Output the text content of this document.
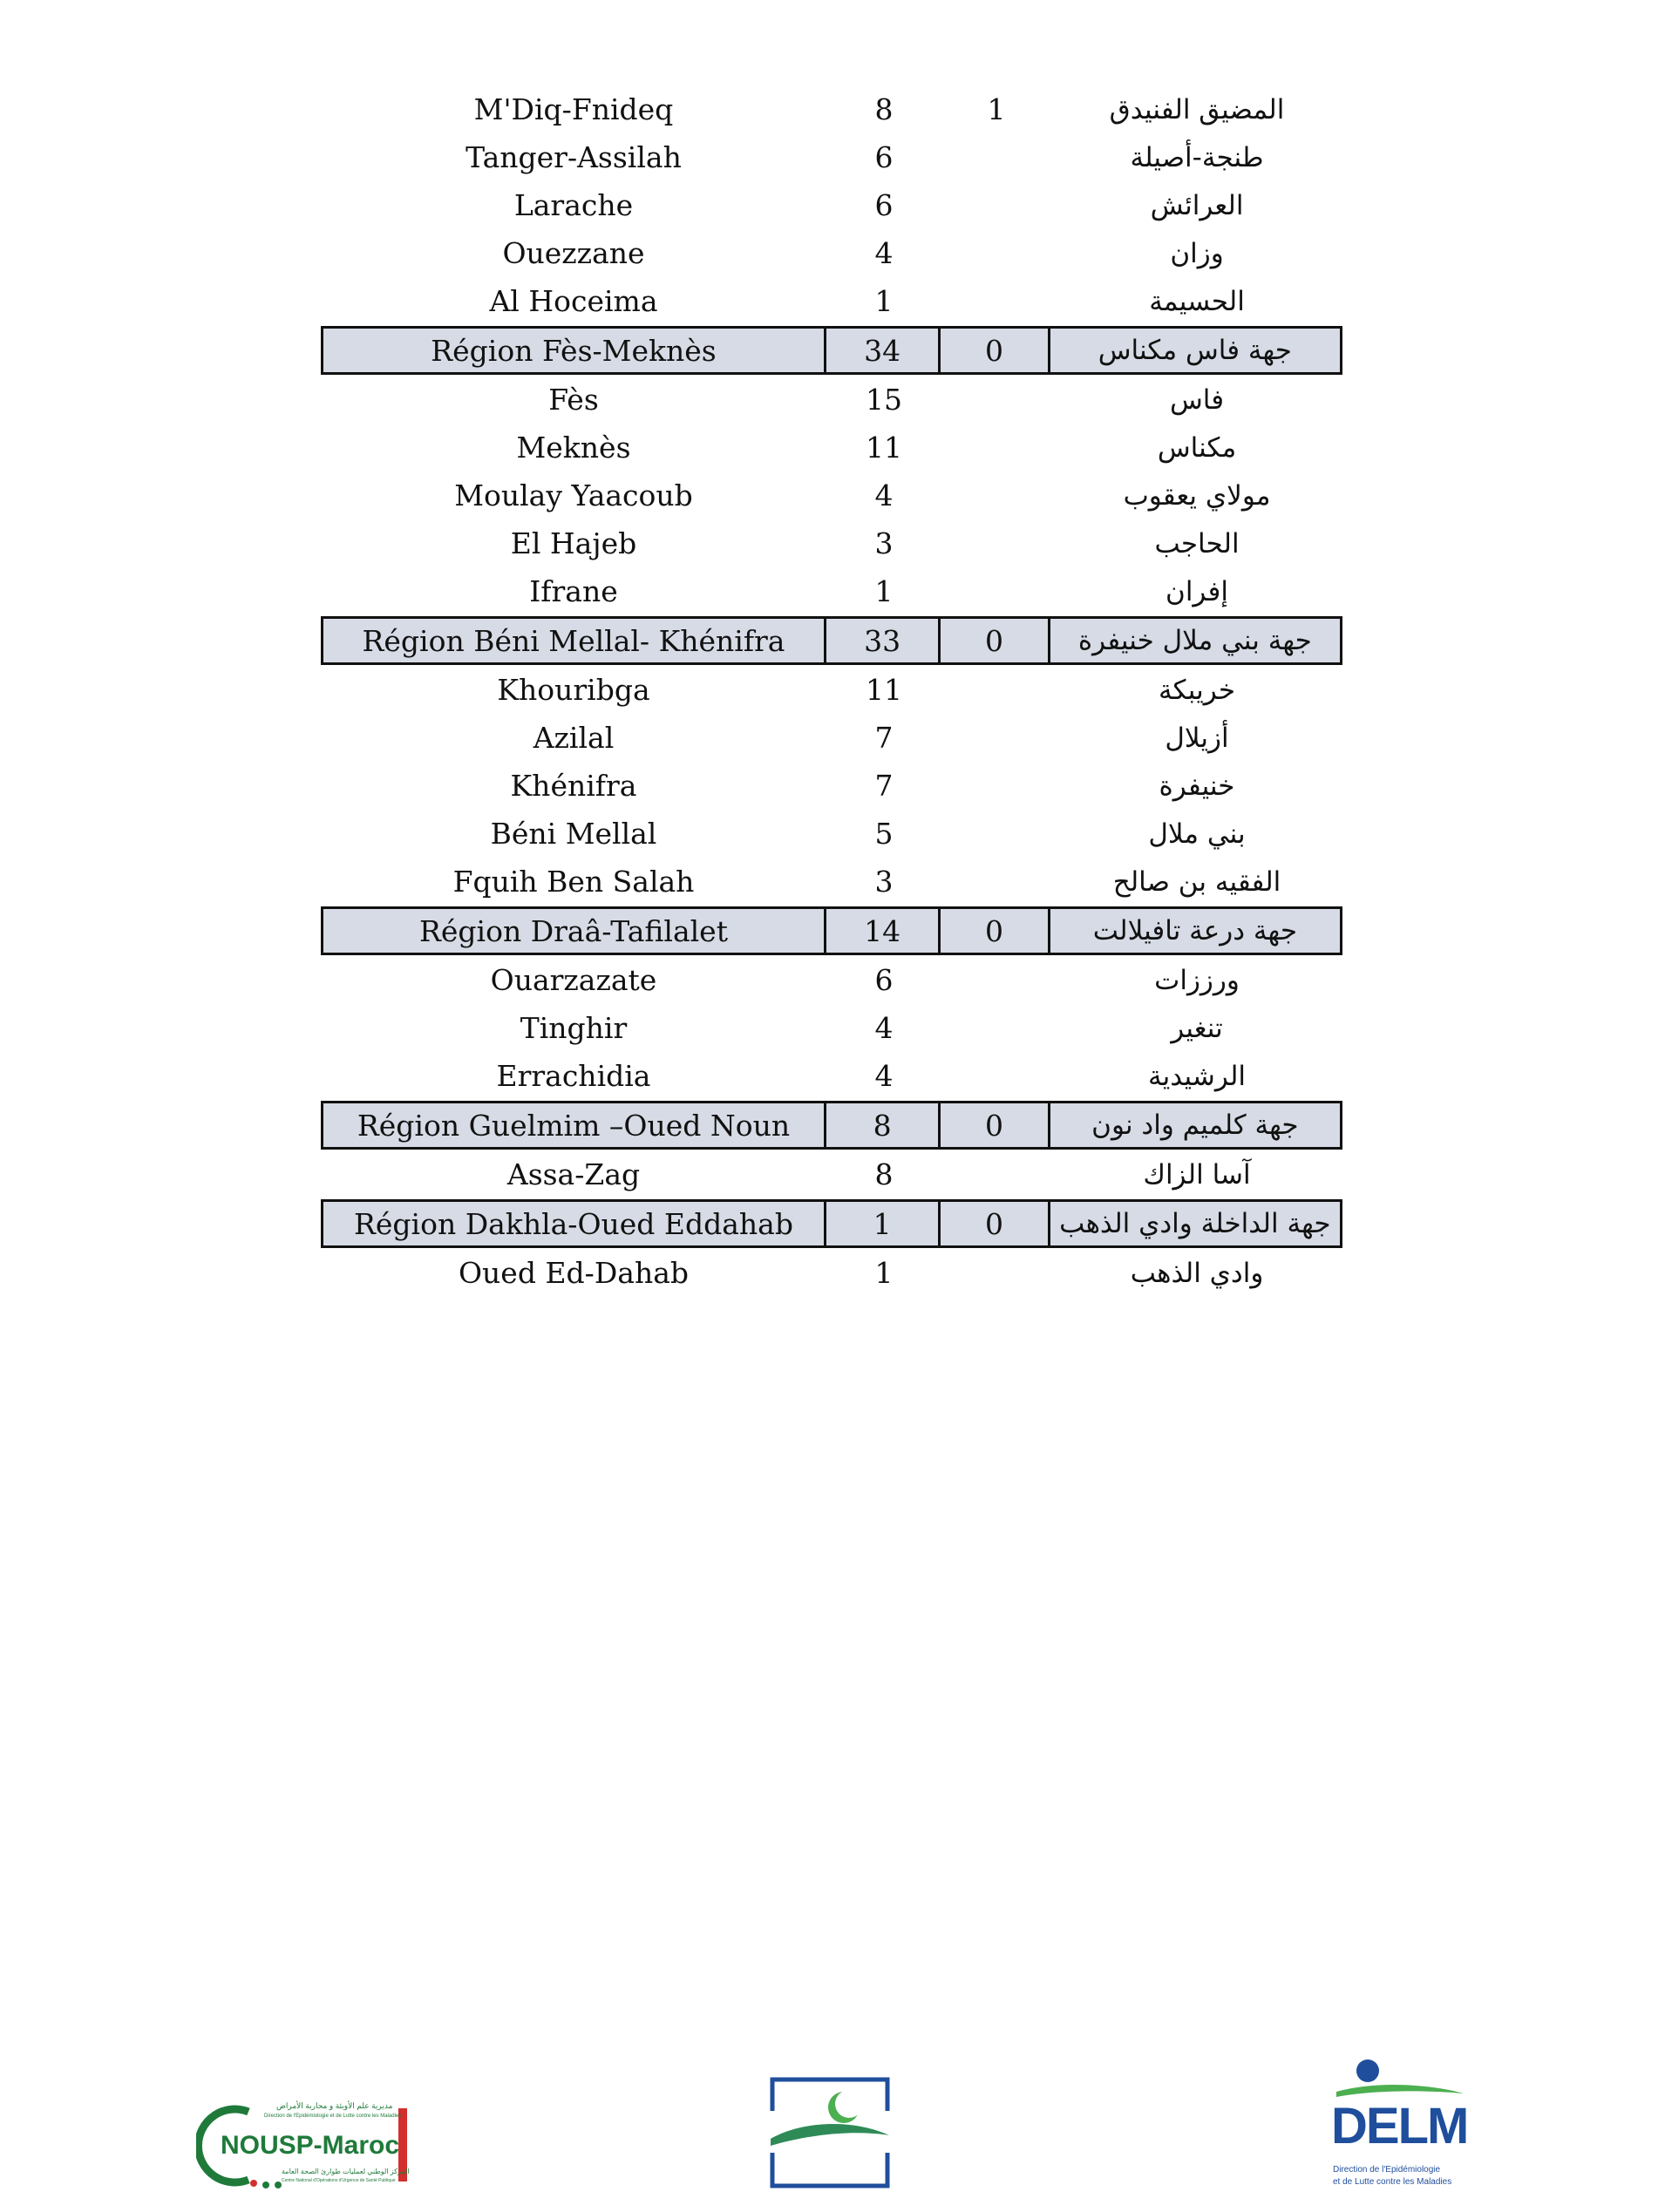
M'Diq-Fnideq	8	1	المضيق الفنيدق
Tanger-Assilah	6	طنجة-أصيلة
Larache	6	العرائش
Ouezzane	4	وزان
Al Hoceima	1	الحسيمة
Région Fès-Meknès	34	0	جهة فاس مكناس
Fès	15	فاس
Meknès	11	مكناس
Moulay Yaacoub	4	مولاي يعقوب
El Hajeb	3	الحاجب
Ifrane	1	إفران
Région Béni Mellal- Khénifra	33	0	جهة بني ملال خنيفرة
Khouribga	11	خريبكة
Azilal	7	أزيلال
Khénifra	7	خنيفرة
Béni Mellal	5	بني ملال
Fquih Ben Salah	3	الفقيه بن صالح
Région Draâ-Tafilalet	14	0	جهة درعة تافيلالت
Ouarzazate	6	ورززات
Tinghir	4	تنغير
Errachidia	4	الرشيدية
Région Guelmim –Oued Noun	8	0	جهة كلميم واد نون
Assa-Zag	8	آسا الزاك
Région Dakhla-Oued Eddahab	1	0	جهة الداخلة وادي الذهب
Oued Ed-Dahab	1	وادي الذهب
مديرية علم الأوبئة و محاربة الأمراض
Direction de l'Epidémiologie et de Lutte contre les Maladies
NOUSP-Maroc
المركز الوطني لعمليات طوارئ الصحة العامة
Centre National d'Opérations d'Urgence de Santé Publique
DELM
Direction de l'Epidémiologie
et de Lutte contre les Maladies
